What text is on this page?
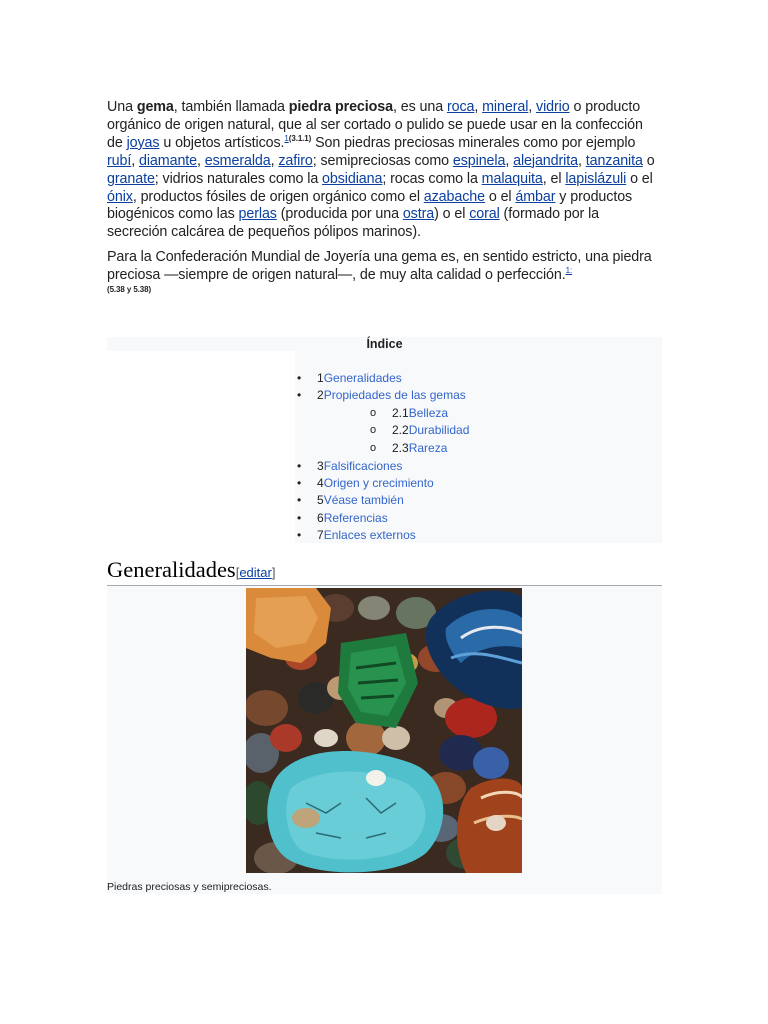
Una gema, también llamada piedra preciosa, es una roca, mineral, vidrio o producto orgánico de origen natural, que al ser cortado o pulido se puede usar en la confección de joyas u objetos artísticos.$^{1(3.1.1)}$ Son piedras preciosas minerales como por ejemplo rubí, diamante, esmeralda, zafiro; semipreciosas como espinela, alejandrita, tanzanita o granate; vidrios naturales como la obsidiana; rocas como la malaquita, el lapislázuli o el ónix, productos fósiles de origen orgánico como el azabache o el ámbar y productos biogénicos como las perlas (producida por una ostra) o el coral (formado por la secreción calcárea de pequeños pólipos marinos).

Para la Confederación Mundial de Joyería una gema es, en sentido estricto, una piedra preciosa —siempre de origen natural—, de muy alta calidad o perfección.$^{1:}$
(5.38 y 5.38)

Índice
• 1Generalidades
• 2Propiedades de las gemas
o 2.1Belleza
o 2.2Durabilidad
o 2.3Rareza
• 3Falsificaciones
• 4Origen y crecimiento
• 5Véase también
• 6Referencias
• 7Enlaces externos
Generalidades[editar]
Piedras preciosas y semipreciosas.
